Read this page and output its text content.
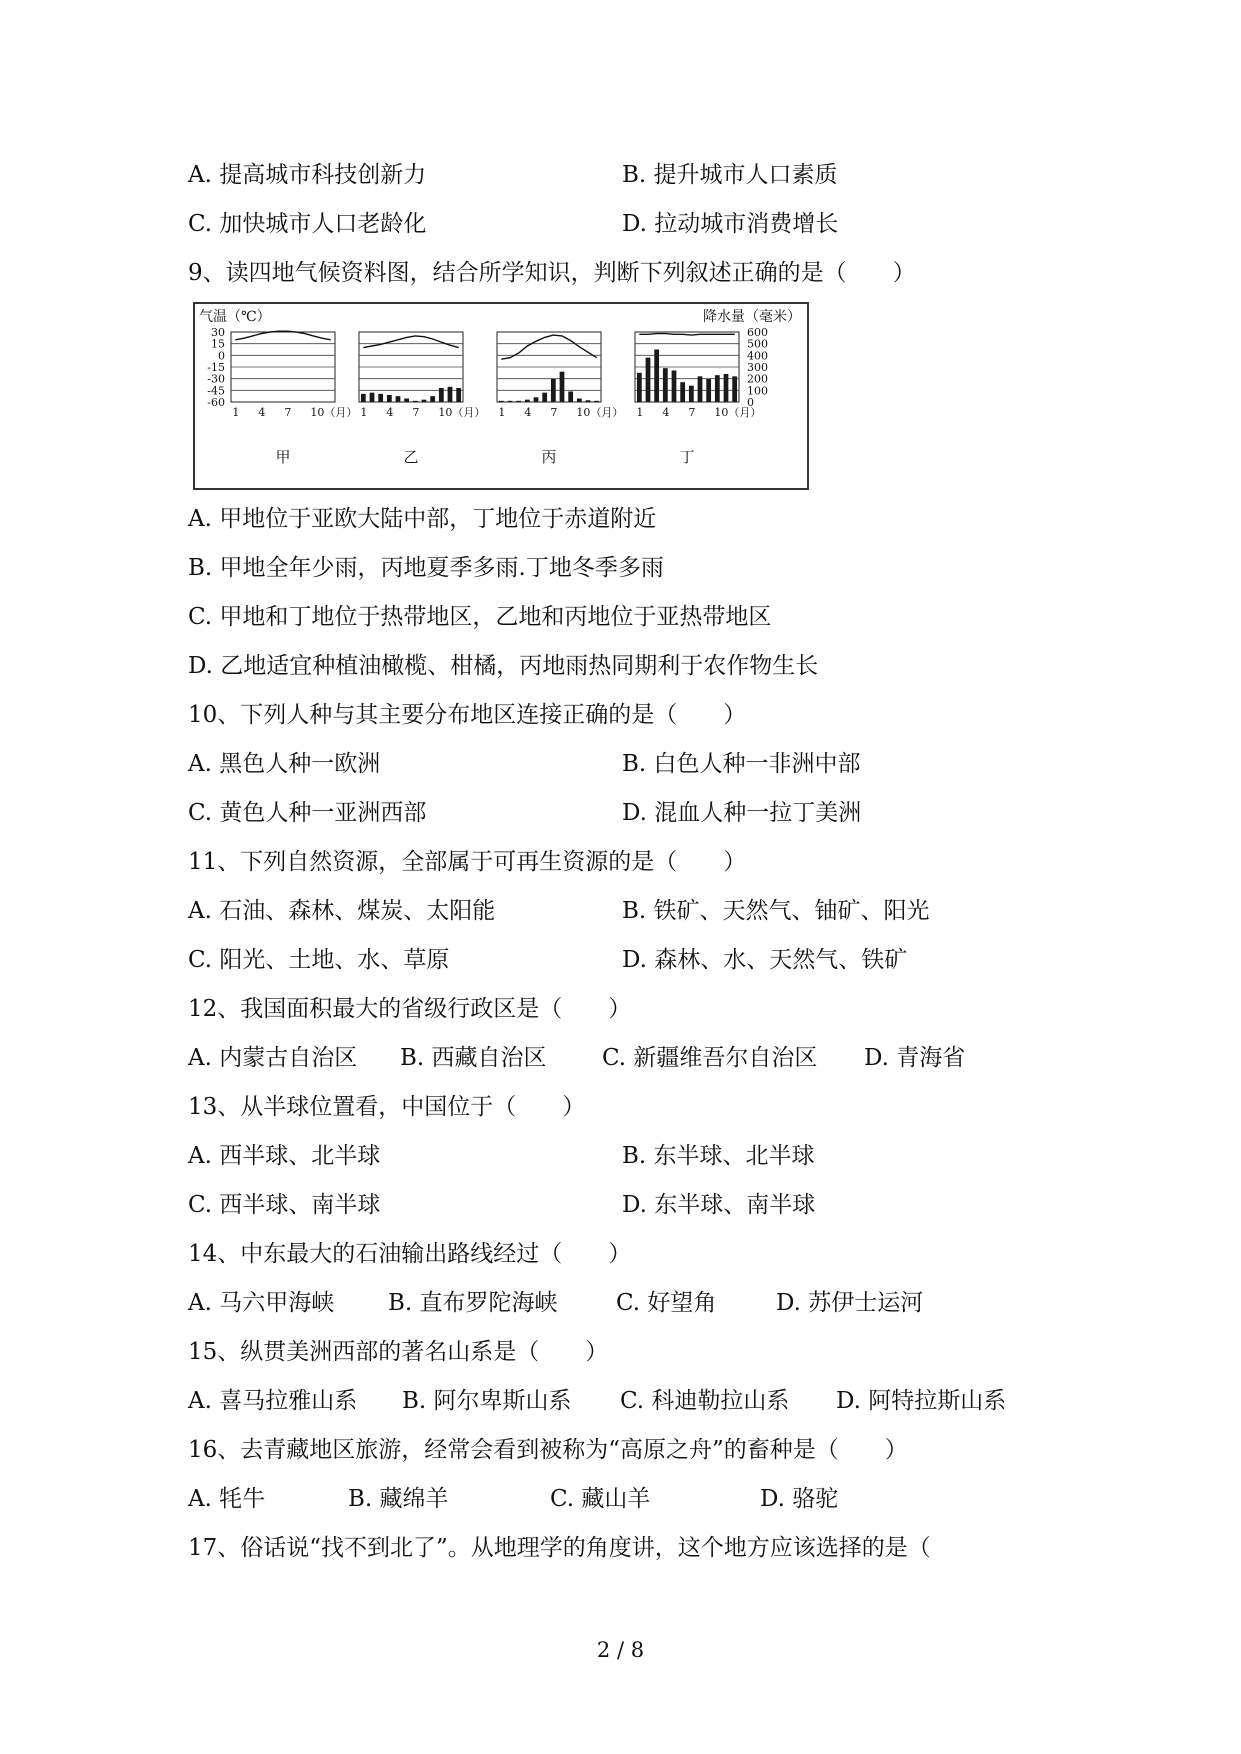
A. 提高城市科技创新力	B. 提升城市人口素质
C. 加快城市人口老龄化	D. 拉动城市消费增长
9、读四地气候资料图，结合所学知识，判断下列叙述正确的是（　　）
气温（℃）	降水量（毫米）
30
15
0
-15
-30
-45
-60
600
500
400
300
200
100
0
1 4 7 10（月）
甲
1 4 7 10（月）
乙
1 4 7 10（月）
丙
1 4 7 10（月）
丁
A. 甲地位于亚欧大陆中部，丁地位于赤道附近
B. 甲地全年少雨，丙地夏季多雨.丁地冬季多雨
C. 甲地和丁地位于热带地区，乙地和丙地位于亚热带地区
D. 乙地适宜种植油橄榄、柑橘，丙地雨热同期利于农作物生长
10、下列人种与其主要分布地区连接正确的是（　　）
A. 黑色人种一欧洲	B. 白色人种一非洲中部
C. 黄色人种一亚洲西部	D. 混血人种一拉丁美洲
11、下列自然资源，全部属于可再生资源的是（　　）
A. 石油、森林、煤炭、太阳能	B. 铁矿、天然气、铀矿、阳光
C. 阳光、土地、水、草原	D. 森林、水、天然气、铁矿
12、我国面积最大的省级行政区是（　　）
A. 内蒙古自治区 B. 西藏自治区 C. 新疆维吾尔自治区 D. 青海省
13、从半球位置看，中国位于（　　）
A. 西半球、北半球	B. 东半球、北半球
C. 西半球、南半球	D. 东半球、南半球
14、中东最大的石油输出路线经过（　　）
A. 马六甲海峡 B. 直布罗陀海峡	C. 好望角	D. 苏伊士运河
15、纵贯美洲西部的著名山系是（　　）
A. 喜马拉雅山系 B. 阿尔卑斯山系 C. 科迪勒拉山系 D. 阿特拉斯山系
16、去青藏地区旅游，经常会看到被称为“高原之舟”的畜种是（　　）
A. 牦牛	B. 藏绵羊	C. 藏山羊	D. 骆驼
17、俗话说“找不到北了”。从地理学的角度讲，这个地方应该选择的是（
2 / 8
